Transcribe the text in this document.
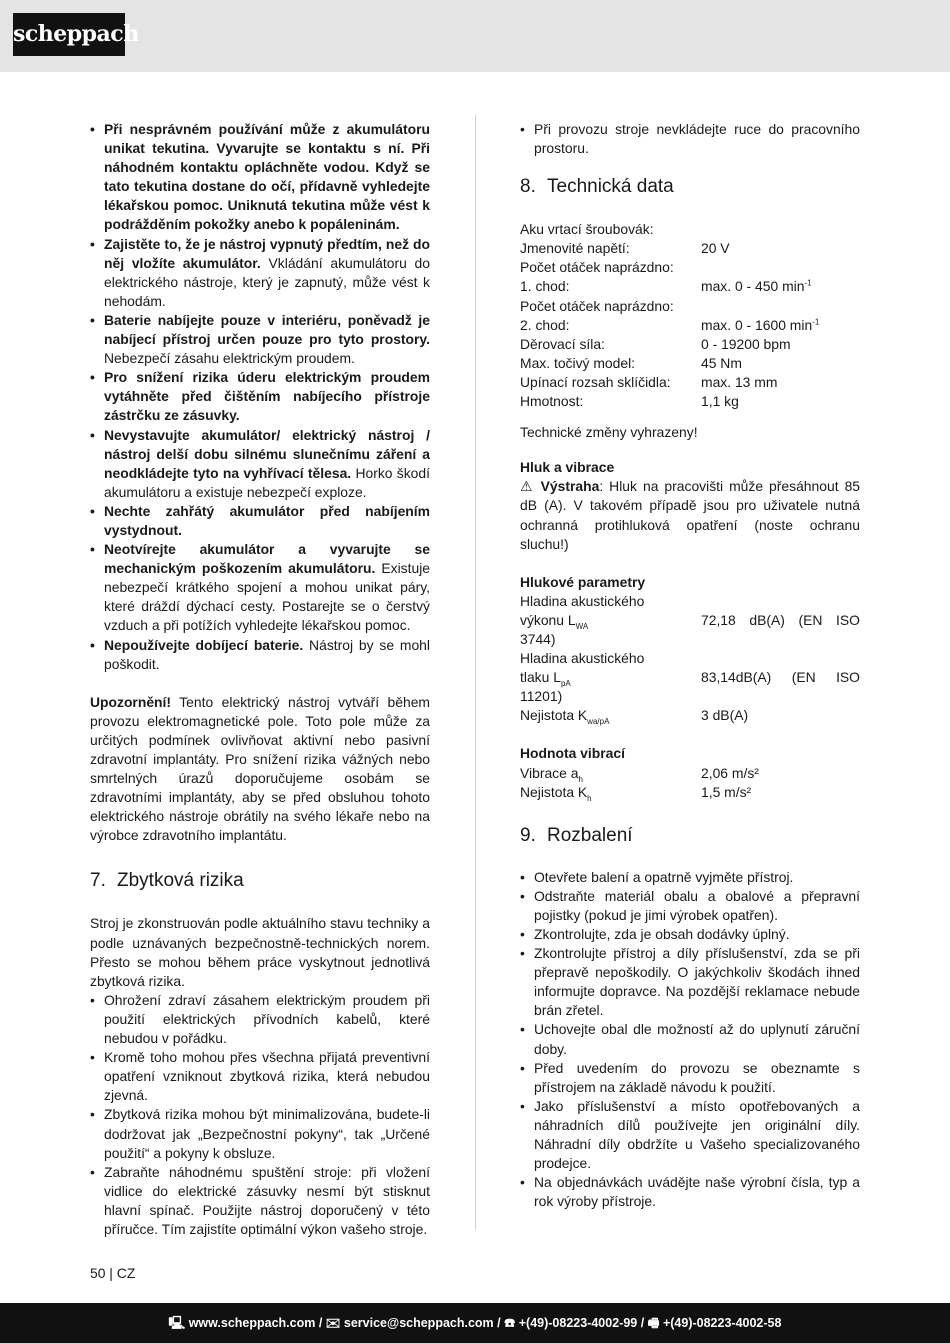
scheppach
• Při nesprávném používání může z akumulátoru unikat tekutina. Vyvarujte se kontaktu s ní. Při náhodném kontaktu opláchněte vodou. Když se tato tekutina dostane do očí, přídavně vyhledejte lékařskou pomoc. Uniknutá tekutina může vést k podrážděním pokožky anebo k popáleninám.
• Zajistěte to, že je nástroj vypnutý předtím, než do něj vložíte akumulátor. Vkládání akumulátoru do elektrického nástroje, který je zapnutý, může vést k nehodám.
• Baterie nabíjejte pouze v interiéru, poněvadž je nabíjecí přístroj určen pouze pro tyto prostory. Nebezpečí zásahu elektrickým proudem.
• Pro snížení rizika úderu elektrickým proudem vytáhněte před čištěním nabíjecího přístroje zástrčku ze zásuvky.
• Nevystavujte akumulátor/ elektrický nástroj / nástroj delší dobu silnému slunečnímu záření a neodkládejte tyto na vyhřívací tělesa. Horko škodí akumulátoru a existuje nebezpečí exploze.
• Nechte zahřátý akumulátor před nabíjením vystydnout.
• Neotvírejte akumulátor a vyvarujte se mechanickým poškozením akumulátoru. Existuje nebezpečí krátkého spojení a mohou unikat páry, které dráždí dýchací cesty. Postarejte se o čerstvý vzduch a při potížích vyhledejte lékařskou pomoc.
• Nepoužívejte dobíjecí baterie. Nástroj by se mohl poškodit.

Upozornění! Tento elektrický nástroj vytváří během provozu elektromagnetické pole. Toto pole může za určitých podmínek ovlivňovat aktivní nebo pasivní zdravotní implantáty. Pro snížení rizika vážných nebo smrtelných úrazů doporučujeme osobám se zdravotními implantáty, aby se před obsluhou tohoto elektrického nástroje obrátily na svého lékaře nebo na výrobce zdravotního implantátu.

7. Zbytková rizika

Stroj je zkonstruován podle aktuálního stavu techniky a podle uznávaných bezpečnostně-technických norem. Přesto se mohou během práce vyskytnout jednotlivá zbytková rizika.

• Ohrožení zdraví zásahem elektrickým proudem při použití elektrických přívodních kabelů, které nebudou v pořádku.
• Kromě toho mohou přes všechna přijatá preventivní opatření vzniknout zbytková rizika, která nebudou zjevná.
• Zbytková rizika mohou být minimalizována, budete-li dodržovat jak „Bezpečnostní pokyny“, tak „Určené použití“ a pokyny k obsluze.
• Zabraňte náhodnému spuštění stroje: při vložení vidlice do elektrické zásuvky nesmí být stisknut hlavní spínač. Použijte nástroj doporučený v této příručce. Tím zajistíte optimální výkon vašeho stroje.
• Při provozu stroje nevkládejte ruce do pracovního prostoru.
8. Technická data
Aku vrtací šroubovák:
Jmenovité napětí:	20 V
Počet otáček naprázdno:
1. chod:	max. 0 - 450 $\min^{-1}$
Počet otáček naprázdno:
2. chod:	max. 0 - 1600 $\min^{-1}$
Děrovací síla:	0 - 19200 bpm
Max. točivý model:	45 Nm
Upínací rozsah sklíčidla:	max. 13 mm
Hmotnost:	1,1 kg
Technické změny vyhrazeny!
Hluk a vibrace

⚠ Výstraha: Hluk na pracovišti může přesáhnout 85 dB (A). V takovém případě jsou pro uživatele nutná ochranná protihluková opatření (noste ochranu sluchu!)

Hlukové parametry
Hladina akustického
výkonu $L_{WA}$	72,18 dB(A) (EN ISO
3744)
Hladina akustického
tlaku $L_{pA}$	83,14dB(A) (EN ISO
11201)
Nejistota $K_{wa/pA}$	3 dB(A)
Hodnota vibrací
Vibrace $a_h$	2,06 m/s²
Nejistota $K_h$	1,5 m/s²
9. Rozbalení
• Otevřete balení a opatrně vyjměte přístroj.
• Odstraňte materiál obalu a obalové a přepravní pojistky (pokud je jimi výrobek opatřen).
• Zkontrolujte, zda je obsah dodávky úplný.
• Zkontrolujte přístroj a díly příslušenství, zda se při přepravě nepoškodily. O jakýchkoliv škodách ihned informujte dopravce. Na pozdější reklamace nebude brán zřetel.
• Uchovejte obal dle možností až do uplynutí záruční doby.
• Před uvedením do provozu se obeznamte s přístrojem na základě návodu k použití.
• Jako příslušenství a místo opotřebovaných a náhradních dílů používejte jen originální díly. Náhradní díly obdržíte u Vašeho specializovaného prodejce.
• Na objednávkách uvádějte naše výrobní čísla, typ a rok výroby přístroje.
50 | CZ
🖳 www.scheppach.com / ✉ service@scheppach.com / ☎ +(49)-08223-4002-99 / 🖷 +(49)-08223-4002-58
